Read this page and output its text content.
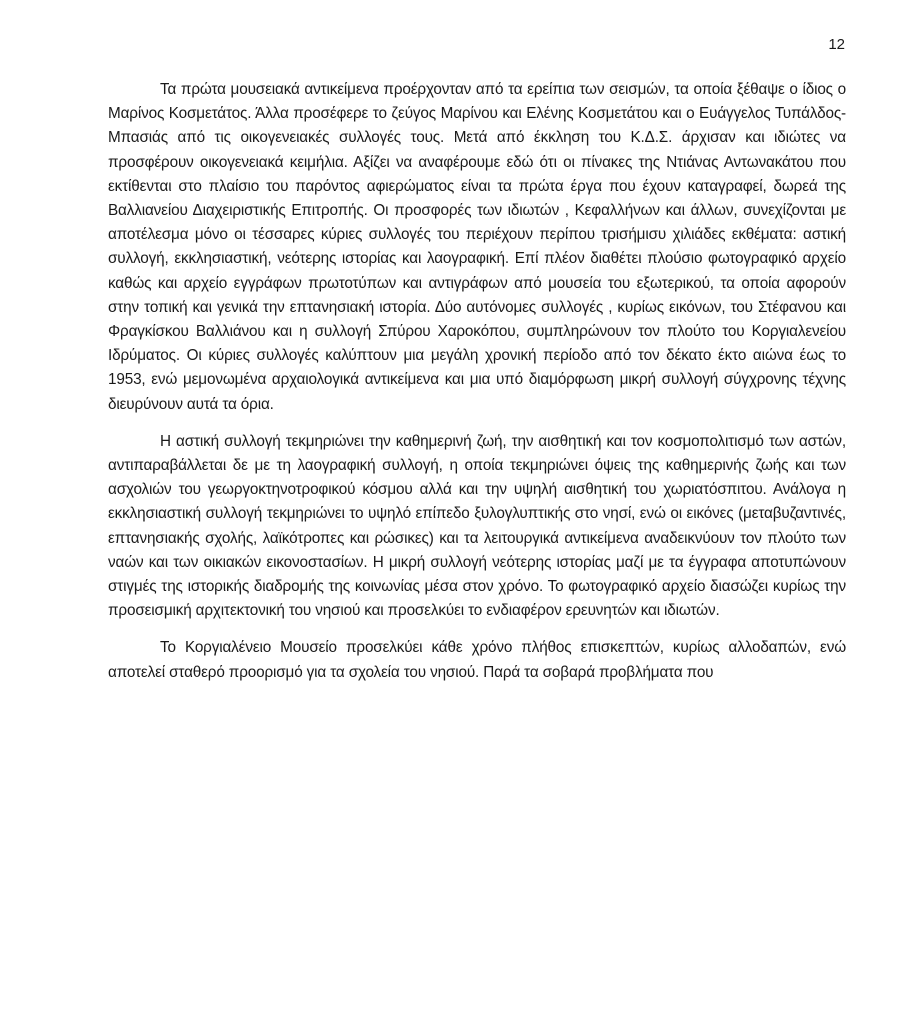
12

Τα πρώτα μουσειακά αντικείμενα προέρχονταν από τα ερείπια των σεισμών, τα οποία ξέθαψε ο ίδιος ο Μαρίνος Κοσμετάτος. Άλλα προσέφερε το ζεύγος Μαρίνου και Ελένης Κοσμετάτου και ο Ευάγγελος Τυπάλδος-Μπασιάς από τις οικογενειακές συλλογές τους. Μετά από έκκληση του Κ.Δ.Σ. άρχισαν και ιδιώτες να προσφέρουν οικογενειακά κειμήλια. Αξίζει να αναφέρουμε εδώ ότι οι πίνακες της Ντιάνας Αντωνακάτου που εκτίθενται στο πλαίσιο του παρόντος αφιερώματος είναι τα πρώτα έργα που έχουν καταγραφεί, δωρεά της Βαλλιανείου Διαχειριστικής Επιτροπής. Οι προσφορές των ιδιωτών , Κεφαλλήνων και άλλων, συνεχίζονται με αποτέλεσμα μόνο οι τέσσαρες κύριες συλλογές του περιέχουν περίπου τρισήμισυ χιλιάδες εκθέματα: αστική συλλογή, εκκλησιαστική, νεότερης ιστορίας και λαογραφική. Επί πλέον διαθέτει πλούσιο φωτογραφικό αρχείο καθώς και αρχείο εγγράφων πρωτοτύπων και αντιγράφων από μουσεία του εξωτερικού, τα οποία αφορούν στην τοπική και γενικά την επτανησιακή ιστορία. Δύο αυτόνομες συλλογές , κυρίως εικόνων, του Στέφανου και Φραγκίσκου Βαλλιάνου και η συλλογή Σπύρου Χαροκόπου, συμπληρώνουν τον πλούτο του Κοργιαλενείου Ιδρύματος. Οι κύριες συλλογές καλύπτουν μια μεγάλη χρονική περίοδο από τον δέκατο έκτο αιώνα έως το 1953, ενώ μεμονωμένα αρχαιολογικά αντικείμενα και μια υπό διαμόρφωση μικρή συλλογή σύγχρονης τέχνης διευρύνουν αυτά τα όρια.

Η αστική συλλογή τεκμηριώνει την καθημερινή ζωή, την αισθητική και τον κοσμοπολιτισμό των αστών, αντιπαραβάλλεται δε με τη λαογραφική συλλογή, η οποία τεκμηριώνει όψεις της καθημερινής ζωής και των ασχολιών του γεωργοκτηνοτροφικού κόσμου αλλά και την υψηλή αισθητική του χωριατόσπιτου. Ανάλογα η εκκλησιαστική συλλογή τεκμηριώνει το υψηλό επίπεδο ξυλογλυπτικής στο νησί, ενώ οι εικόνες (μεταβυζαντινές, επτανησιακής σχολής, λαϊκότροπες και ρώσικες) και τα λειτουργικά αντικείμενα αναδεικνύουν τον πλούτο των ναών και των οικιακών εικονοστασίων. Η μικρή συλλογή νεότερης ιστορίας μαζί με τα έγγραφα αποτυπώνουν στιγμές της ιστορικής διαδρομής της κοινωνίας μέσα στον χρόνο. Το φωτογραφικό αρχείο διασώζει κυρίως την προσεισμική αρχιτεκτονική του νησιού και προσελκύει το ενδιαφέρον ερευνητών και ιδιωτών.

Το Κοργιαλένειο Μουσείο προσελκύει κάθε χρόνο πλήθος επισκεπτών, κυρίως αλλοδαπών, ενώ αποτελεί σταθερό προορισμό για τα σχολεία του νησιού. Παρά τα σοβαρά προβλήματα που
